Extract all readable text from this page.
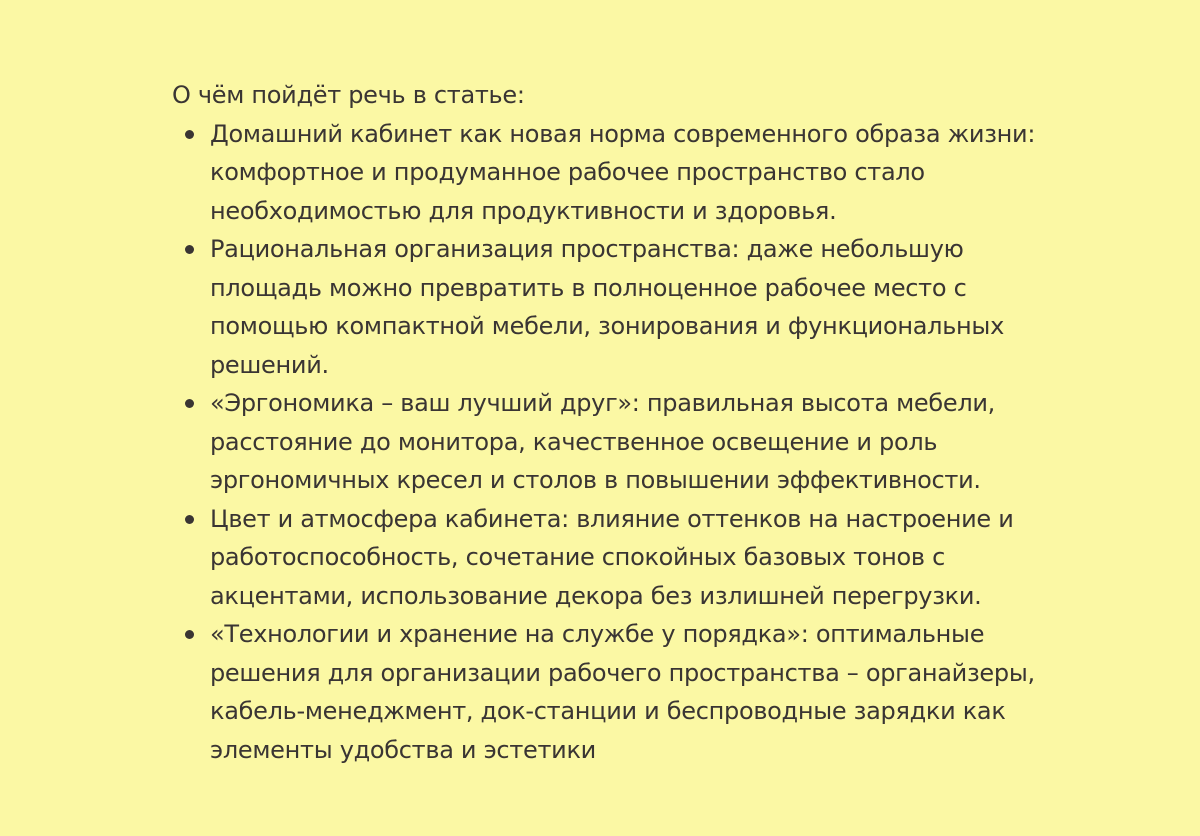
О чём пойдёт речь в статье:

Домашний кабинет как новая норма современного образа жизни: комфортное и продуманное рабочее пространство стало необходимостью для продуктивности и здоровья.
Рациональная организация пространства: даже небольшую площадь можно превратить в полноценное рабочее место с помощью компактной мебели, зонирования и функциональных решений.
«Эргономика – ваш лучший друг»: правильная высота мебели, расстояние до монитора, качественное освещение и роль эргономичных кресел и столов в повышении эффективности.
Цвет и атмосфера кабинета: влияние оттенков на настроение и работоспособность, сочетание спокойных базовых тонов с акцентами, использование декора без излишней перегрузки.
«Технологии и хранение на службе у порядка»: оптимальные решения для организации рабочего пространства – органайзеры, кабель-менеджмент, док-станции и беспроводные зарядки как элементы удобства и эстетики
